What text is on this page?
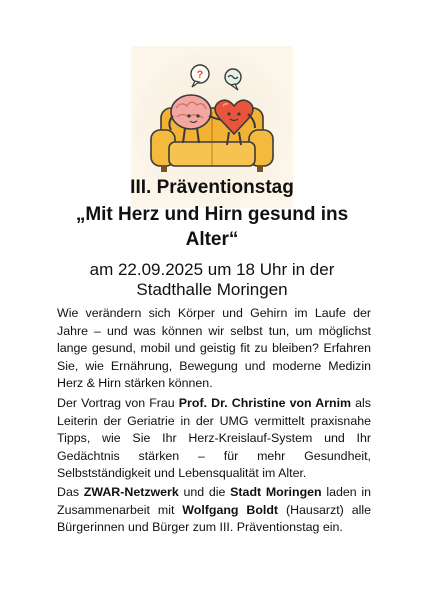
?

III. Präventionstag

„Mit Herz und Hirn gesund ins

Alter“

am 22.09.2025 um 18 Uhr in der

Stadthalle Moringen

Wie verändern sich Körper und Gehirn im Laufe der Jahre – und was können wir selbst tun, um möglichst lange gesund, mobil und geistig fit zu bleiben? Erfahren Sie, wie Ernährung, Bewegung und moderne Medizin Herz & Hirn stärken können.

Der Vortrag von Frau Prof. Dr. Christine von Arnim als Leiterin der Geriatrie in der UMG vermittelt praxisnahe Tipps, wie Sie Ihr Herz-Kreislauf-System und Ihr Gedächtnis stärken – für mehr Gesundheit, Selbstständigkeit und Lebensqualität im Alter.

Das ZWAR-Netzwerk und die Stadt Moringen laden in Zusammenarbeit mit Wolfgang Boldt (Hausarzt) alle Bürgerinnen und Bürger zum III. Präventionstag ein.
